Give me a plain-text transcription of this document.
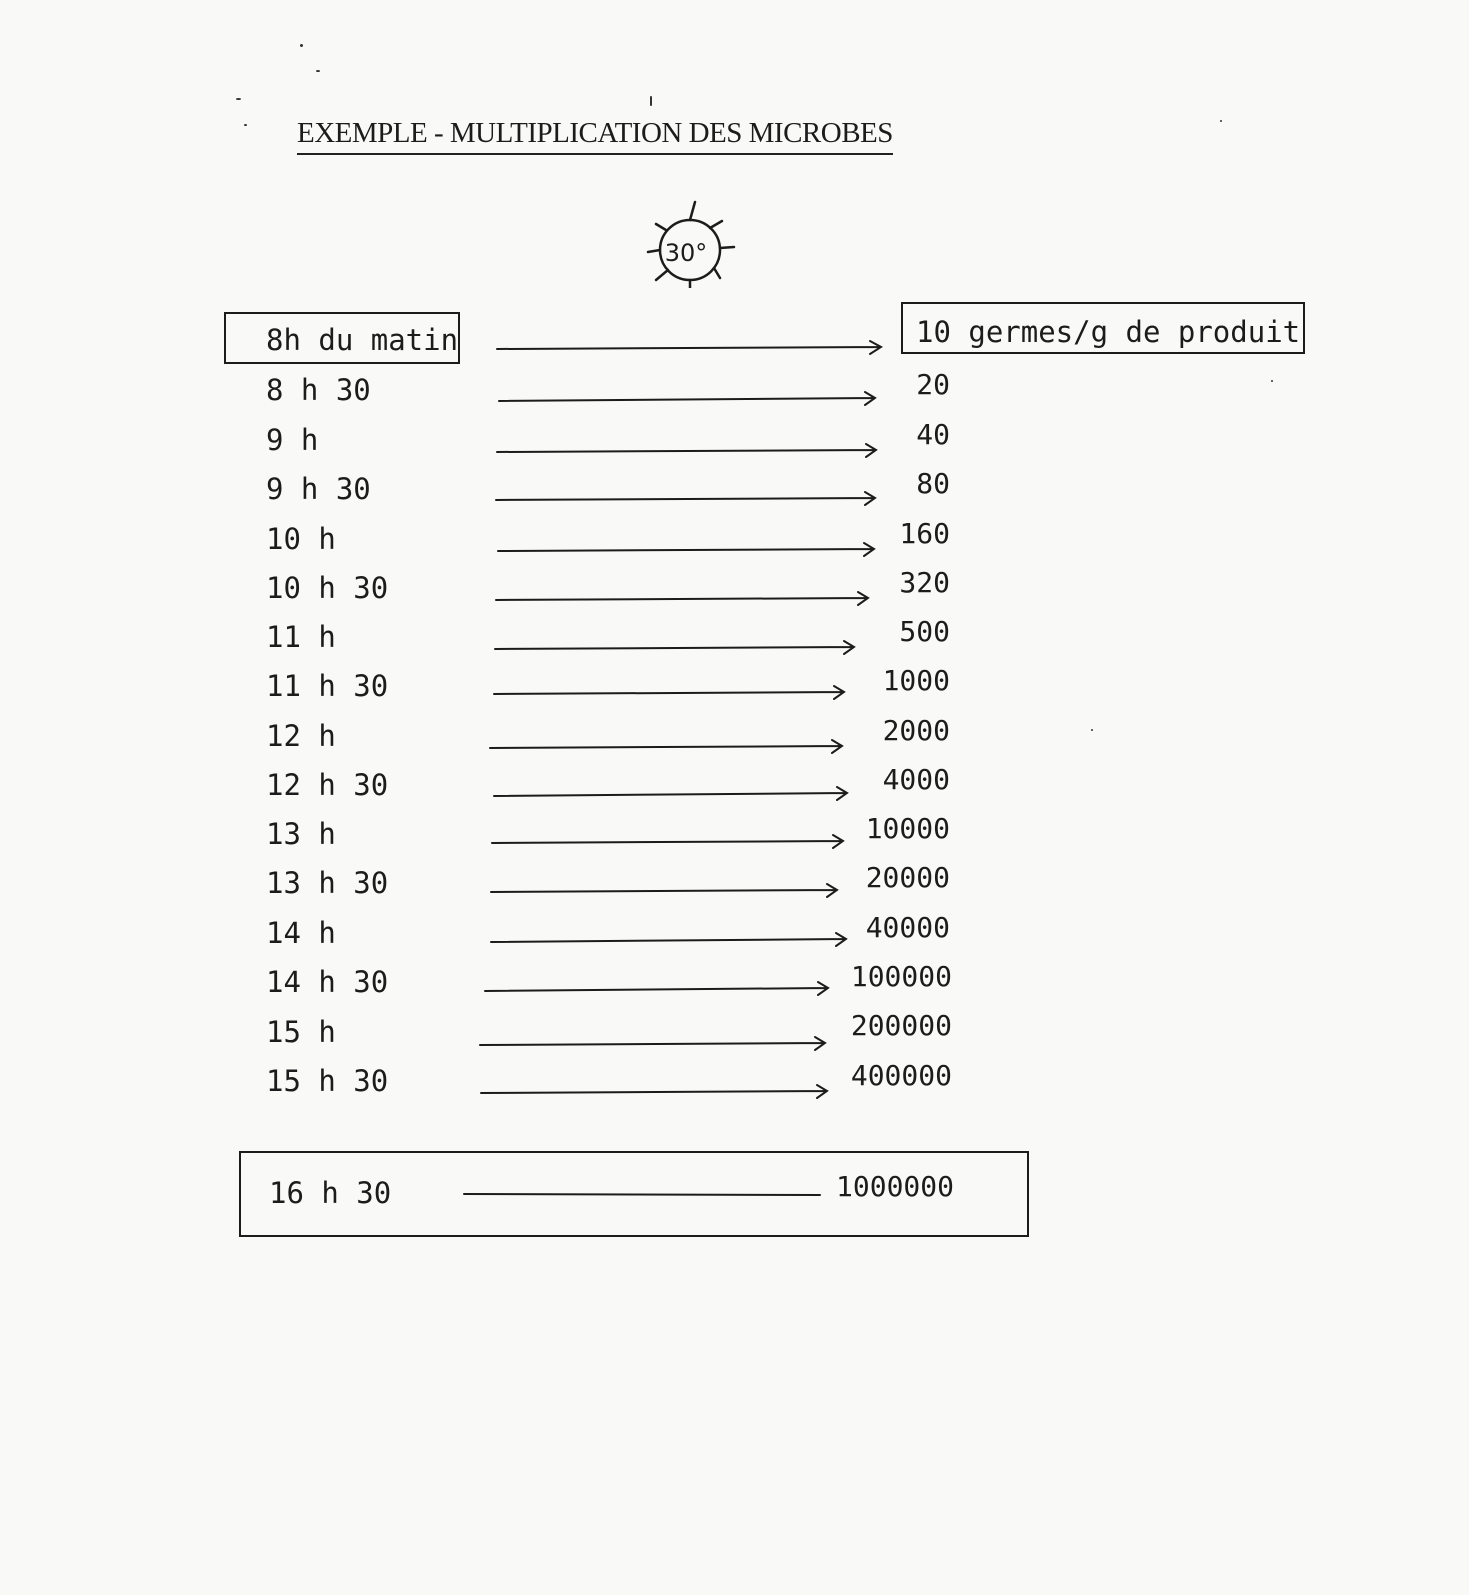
EXEMPLE - MULTIPLICATION DES MICROBES
30°
8h du matin	10 germes/g de produit
8 h 30
9 h
9 h 30
10 h
10 h 30
11 h
11 h 30
12 h
12 h 30
13 h
13 h 30
14 h
14 h 30
15 h
15 h 30
20
40
80
160
320
500
1000
2000
4000
10000
20000
40000
100000
200000
400000
16 h 30	1000000
